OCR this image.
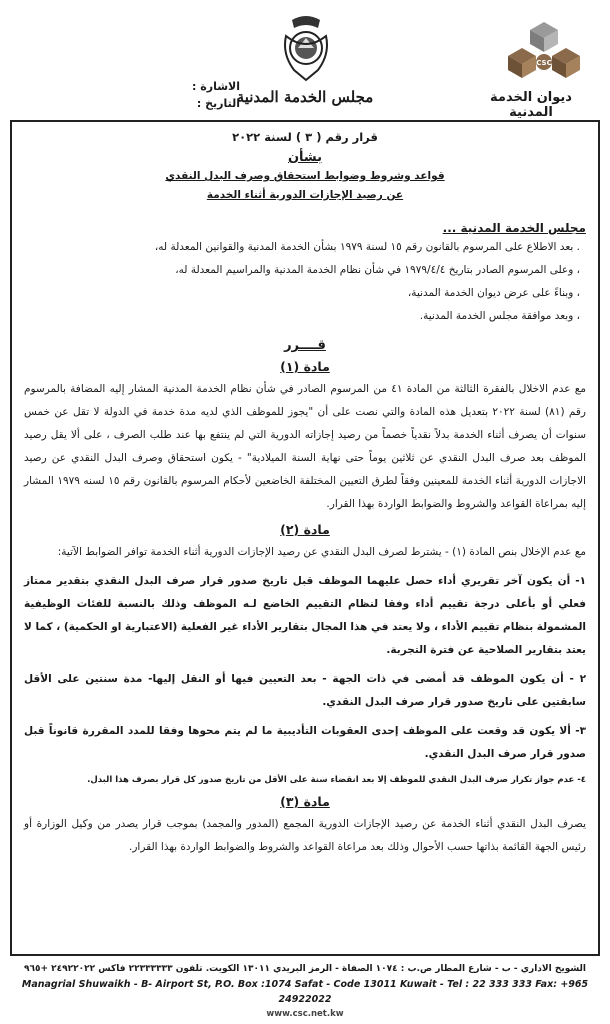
CSC
ديوان الخدمة المدنية
مجلس الخدمة المدنية
الاشارة :
التاريخ :
قرار رقم ( ٣ ) لسنة ٢٠٢٢
بشأن
قواعد وشروط وضوابط استحقاق وصرف البدل النقدي
عن رصيد الإجازات الدورية أثناء الخدمة
مجلس الخدمة المدنية ...
. بعد الاطلاع على المرسوم بالقانون رقم ١٥ لسنة ١٩٧٩ بشأن الخدمة المدنية والقوانين المعدلة له،
، وعلى المرسوم الصادر بتاريخ ١٩٧٩/٤/٤ في شأن نظام الخدمة المدنية والمراسيم المعدلة له،
، وبناءً على عرض ديوان الخدمة المدنية،
، وبعد موافقة مجلس الخدمة المدنية.
قــــرر
مادة (١)

مع عدم الاخلال بالفقرة الثالثة من المادة ٤١ من المرسوم الصادر في شأن نظام الخدمة المدنية المشار إليه المضافة بالمرسوم رقم (٨١) لسنة ٢٠٢٢ بتعديل هذه المادة والتي نصت على أن "يجوز للموظف الذي لديه مدة خدمة في الدولة لا تقل عن خمس سنوات أن يصرف أثناء الخدمة بدلاً نقدياً خصماً من رصيد إجازاته الدورية التي لم ينتفع بها عند طلب الصرف ، على ألا يقل رصيد الموظف بعد صرف البدل النقدي عن ثلاثين يوماً حتى نهاية السنة الميلادية" - يكون استحقاق وصرف البدل النقدي عن رصيد الاجازات الدورية أثناء الخدمة للمعينين وفقاً لطرق التعيين المختلفة الخاضعين لأحكام المرسوم بالقانون رقم ١٥ لسنه ١٩٧٩ المشار إليه بمراعاة القواعد والشروط والضوابط الواردة بهذا القرار.

مادة (٢)

مع عدم الإخلال بنص المادة (١) - يشترط لصرف البدل النقدي عن رصيد الإجازات الدورية أثناء الخدمة توافر الضوابط الآتية:

١- أن يكون آخر تقريري أداء حصل عليهما الموظف قبل تاريخ صدور قرار صرف البدل النقدي بتقدير ممتاز فعلي أو بأعلى درجة تقييم أداء وفقا لنظام التقييم الخاضع لـه الموظف وذلك بالنسبة للفئات الوظيفية المشمولة بنظام تقييم الأداء ، ولا يعتد في هذا المجال بتقارير الأداء غير الفعلية (الاعتبارية او الحكمية) ، كما لا يعتد بتقارير الصلاحية عن فترة التجربة.

٢ - أن يكون الموظف قد أمضى في ذات الجهة - بعد التعيين فيها أو النقل إليها- مدة سنتين على الأقل سابقتين على تاريخ صدور قرار صرف البدل النقدي.

٣- ألا يكون قد وقعت على الموظف إحدى العقوبات التأديبية ما لم يتم محوها وفقا للمدد المقررة قانوناً قبل صدور قرار صرف البدل النقدي.

٤- عدم جواز تكرار صرف البدل النقدي للموظف إلا بعد انقضاء سنة على الأقل من تاريخ صدور كل قرار بصرف هذا البدل.

مادة (٣)

يصرف البدل النقدي أثناء الخدمة عن رصيد الإجازات الدورية المجمع (المدور والمجمد) بموجب قرار يصدر من وكيل الوزارة أو رئيس الجهة القائمة بذاتها حسب الأحوال وذلك بعد مراعاة القواعد والشروط والضوابط الواردة بهذا القرار.

الشويخ الاداري - ب - شارع المطار ص.ب : ١٠٧٤ الصفاة - الرمز البريدي ١٣٠١١ الكويت. تلفون ٢٢٣٣٣٣٣٣ فاكس ٢٤٩٢٢٠٢٢ +٩٦٥
Managrial Shuwaikh - B- Airport St, P.O. Box :1074 Safat - Code 13011 Kuwait - Tel : 22 333 333 Fax: +965 24922022
www.csc.net.kw
